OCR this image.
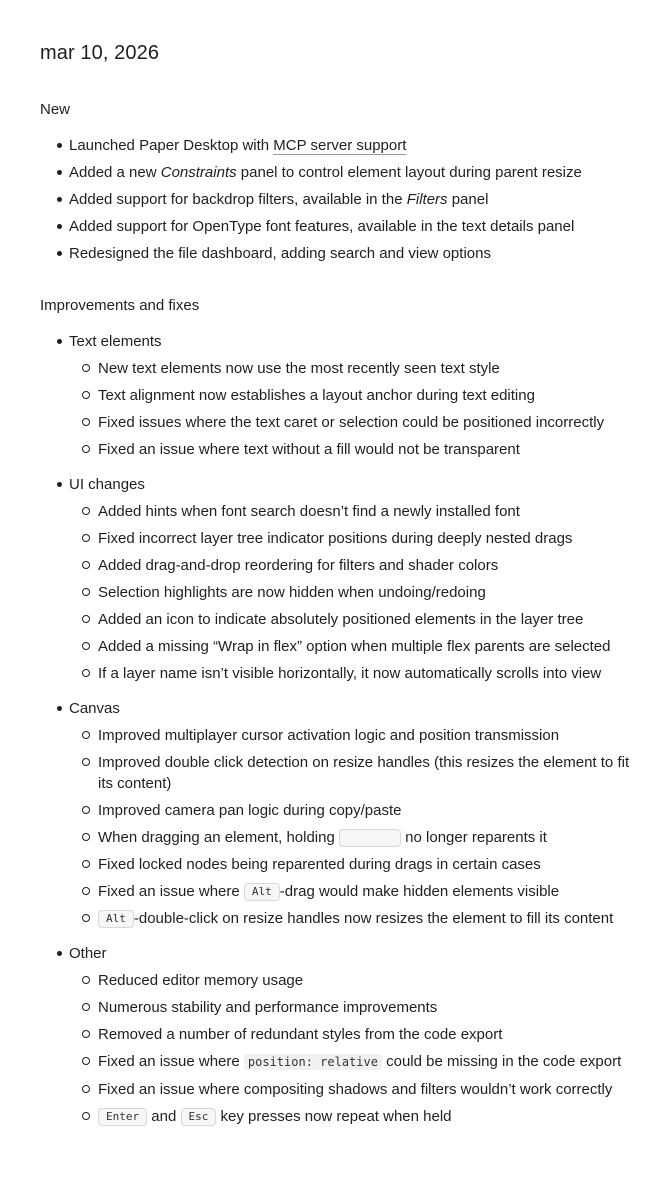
mar 10, 2026
New
Launched Paper Desktop with MCP server support
Added a new Constraints panel to control element layout during parent resize
Added support for backdrop filters, available in the Filters panel
Added support for OpenType font features, available in the text details panel
Redesigned the file dashboard, adding search and view options
Improvements and fixes
Text elements
New text elements now use the most recently seen text style
Text alignment now establishes a layout anchor during text editing
Fixed issues where the text caret or selection could be positioned incorrectly
Fixed an issue where text without a fill would not be transparent
UI changes
Added hints when font search doesn’t find a newly installed font
Fixed incorrect layer tree indicator positions during deeply nested drags
Added drag-and-drop reordering for filters and shader colors
Selection highlights are now hidden when undoing/redoing
Added an icon to indicate absolutely positioned elements in the layer tree
Added a missing “Wrap in flex” option when multiple flex parents are selected
If a layer name isn’t visible horizontally, it now automatically scrolls into view
Canvas
Improved multiplayer cursor activation logic and position transmission
Improved double click detection on resize handles (this resizes the element to fit its content)
Improved camera pan logic during copy/paste
When dragging an element, holding	no longer reparents it
Fixed locked nodes being reparented during drags in certain cases
Fixed an issue where Alt -drag would make hidden elements visible
Alt -double-click on resize handles now resizes the element to fill its content
Other
Reduced editor memory usage
Numerous stability and performance improvements
Removed a number of redundant styles from the code export
Fixed an issue where position: relative could be missing in the code export
Fixed an issue where compositing shadows and filters wouldn’t work correctly
Enter and Esc key presses now repeat when held
